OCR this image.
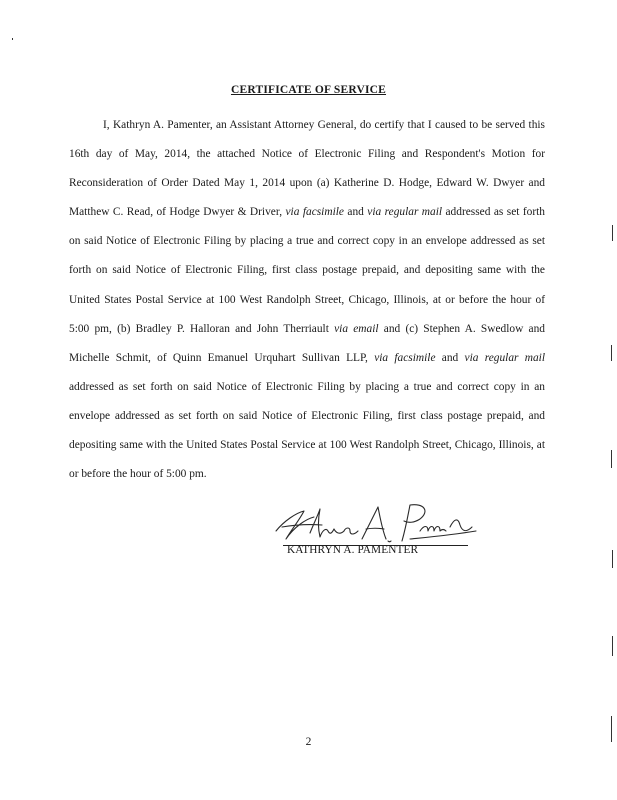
CERTIFICATE OF SERVICE

I, Kathryn A. Pamenter, an Assistant Attorney General, do certify that I caused to be served this 16th day of May, 2014, the attached Notice of Electronic Filing and Respondent's Motion for Reconsideration of Order Dated May 1, 2014 upon (a) Katherine D. Hodge, Edward W. Dwyer and Matthew C. Read, of Hodge Dwyer & Driver, via facsimile and via regular mail addressed as set forth on said Notice of Electronic Filing by placing a true and correct copy in an envelope addressed as set forth on said Notice of Electronic Filing, first class postage prepaid, and depositing same with the United States Postal Service at 100 West Randolph Street, Chicago, Illinois, at or before the hour of 5:00 pm, (b) Bradley P. Halloran and John Therriault via email and (c) Stephen A. Swedlow and Michelle Schmit, of Quinn Emanuel Urquhart Sullivan LLP, via facsimile and via regular mail addressed as set forth on said Notice of Electronic Filing by placing a true and correct copy in an envelope addressed as set forth on said Notice of Electronic Filing, first class postage prepaid, and depositing same with the United States Postal Service at 100 West Randolph Street, Chicago, Illinois, at or before the hour of 5:00 pm.

KATHRYN A. PAMENTER
2
